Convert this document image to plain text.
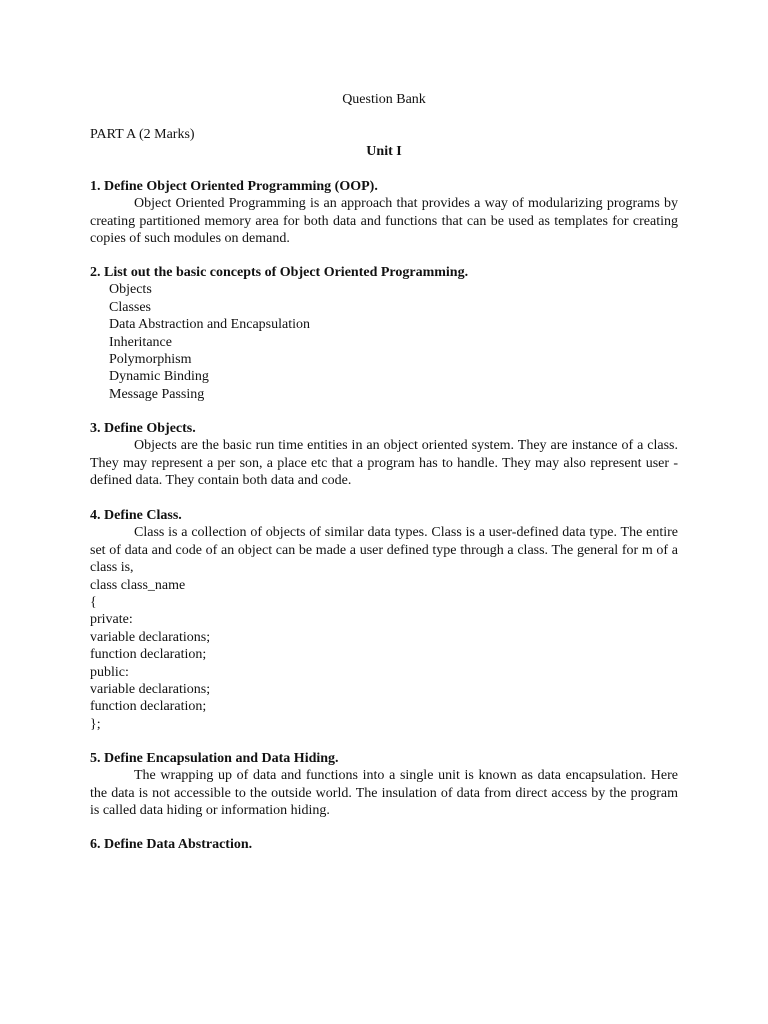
Question Bank
PART A (2 Marks)
Unit I
1. Define Object Oriented Programming (OOP).
Object Oriented Programming is an approach that provides a way of modularizing programs by creating partitioned memory area for both data and functions that can be used as templates for creating copies of such modules on demand.
2. List out the basic concepts of Object Oriented Programming.
Objects
Classes
Data Abstraction and Encapsulation
Inheritance
Polymorphism
Dynamic Binding
Message Passing
3. Define Objects.
Objects are the basic run time entities in an object oriented system. They are instance of a class. They may represent a per son, a place etc that a program has to handle. They may also represent user -defined data. They contain both data and code.
4. Define Class.
Class is a collection of objects of similar data types. Class is a user-defined data type. The entire set of data and code of an object can be made a user defined type through a class. The general for m of a class is,
class class_name
{
private:
variable declarations;
function declaration;
public:
variable declarations;
function declaration;
};
5. Define Encapsulation and Data Hiding.
The wrapping up of data and functions into a single unit is known as data encapsulation. Here the data is not accessible to the outside world. The insulation of data from direct access by the program is called data hiding or information hiding.
6. Define Data Abstraction.
